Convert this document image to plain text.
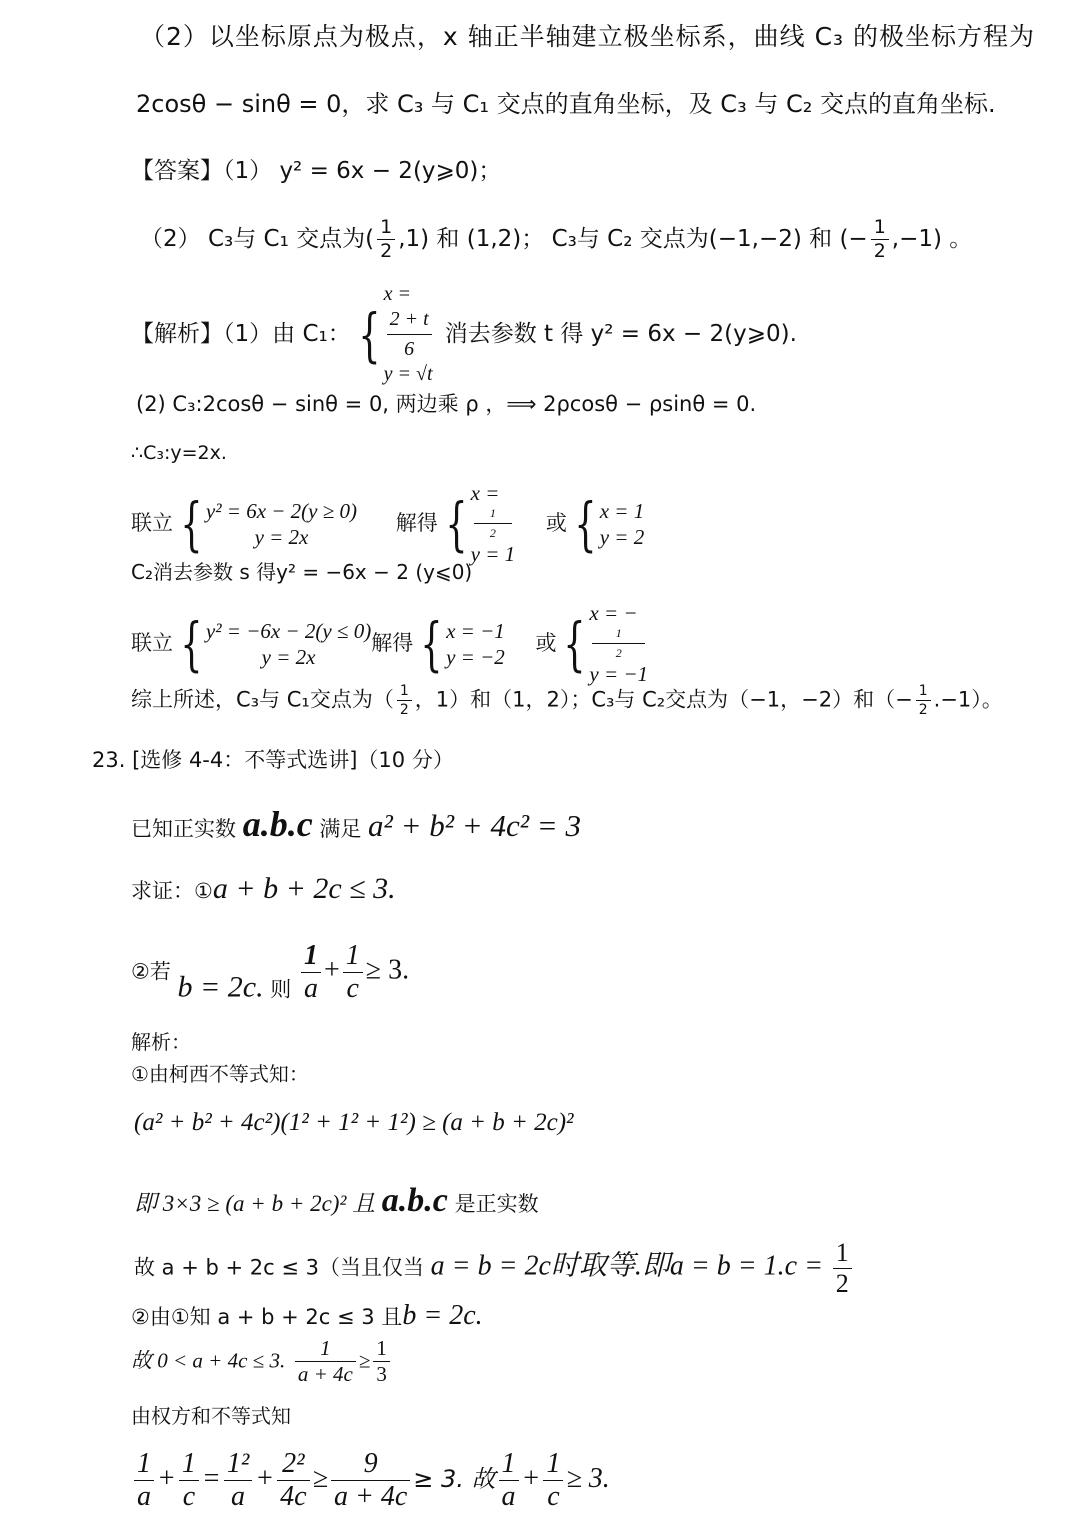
（2）以坐标原点为极点，x 轴正半轴建立极坐标系，曲线 C₃ 的极坐标方程为
2cosθ − sinθ = 0，求 C₃ 与 C₁ 交点的直角坐标，及 C₃ 与 C₂ 交点的直角坐标.
【答案】（1） y² = 6x − 2(y⩾0)；
（2） C₃与 C₁ 交点为( $\frac{1}{2} ,1$) 和 (1,2)； C₃与 C₂ 交点为(−1,−2) 和 (− $\frac{1}{2} ,-1$) 。
【解析】（1）由 C₁： {
x =
2 + t
6
y = √t
消去参数 t 得 y² = 6x − 2(y⩾0).
(2) C₃:2cosθ − sinθ = 0, 两边乘 ρ ，⟹ 2ρcosθ − ρsinθ = 0.
∴C₃:y=2x.
联立 { y² = 6x − 2(y ≥ 0)
y = 2x
解得 { x =
1
2
y = 1
或 { x = 1
y = 2
C₂消去参数 s 得y² = −6x − 2 (y⩽0)
联立 { y² = −6x − 2(y ≤ 0)
y = 2x
解得 { x = −1
y = −2
或 { x = −
1
2
y = −1
综上所述，C₃与 C₁交点为（ $\frac{1}{2}$ ，1）和（1，2）；C₃与 C₂交点为（−1，−2）和（− $\frac{1}{2} .-1$）。
23. [选修 4-4：不等式选讲]（10 分）
已知正实数 a.b.c 满足 a² + b² + 4c² = 3
求证：①a + b + 2c ≤ 3.
②若 b = 2c. 则 $\frac{1}{a} + \frac{1}{c} \ge 3$.
解析：
①由柯西不等式知：
(a² + b² + 4c²)(1² + 1² + 1²) ≥ (a + b + 2c)²
即 3×3 ≥ (a + b + 2c)² 且 a.b.c 是正实数
故 a + b + 2c ≤ 3（当且仅当 a = b = 2c时取等.即$a = b = 1.c = \frac{1}{2}$
②由①知 a + b + 2c ≤ 3 且b = 2c.
故 0 < a + 4c ≤ 3. $\frac{1}{a + 4c} \ge \frac{1}{3}$
由权方和不等式知
$\frac{1}{a} + \frac{1}{c} = \frac{\text{1²}}{a} + \frac{\text{2²}}{4c} \ge \frac{9}{a + 4c} \ge 3$. 故 $\frac{1}{a} + \frac{1}{c} \ge 3$.
